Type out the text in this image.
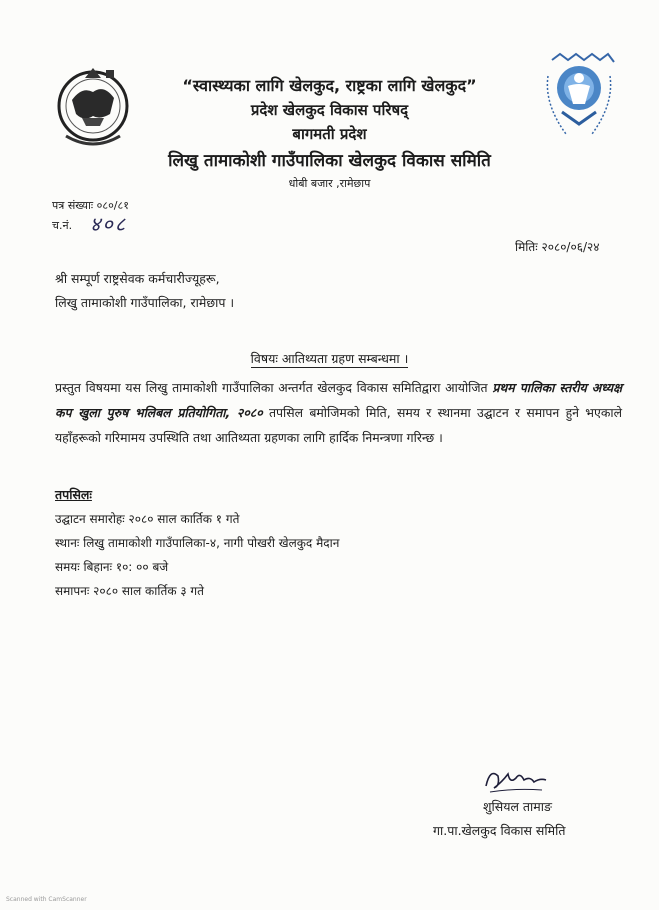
“स्वास्थ्यका लागि खेलकुद, राष्ट्रका लागि खेलकुद”
प्रदेश खेलकुद विकास परिषद्
बागमती प्रदेश
लिखु तामाकोशी गाउँपालिका खेलकुद विकास समिति
धोबी बजार ,रामेछाप
पत्र संख्याः ०८०/८१
च.नं. ४०८
मितिः २०८०/०६/२४
श्री सम्पूर्ण राष्ट्रसेवक कर्मचारीज्यूहरू,
लिखु तामाकोशी गाउँपालिका, रामेछाप ।
विषयः आतिथ्यता ग्रहण सम्बन्धमा ।
प्रस्तुत विषयमा यस लिखु तामाकोशी गाउँपालिका अन्तर्गत खेलकुद विकास समितिद्वारा आयोजित प्रथम पालिका स्तरीय अध्यक्ष कप खुला पुरुष भलिबल प्रतियोगिता, २०८० तपसिल बमोजिमको मिति, समय र स्थानमा उद्घाटन र समापन हुने भएकाले यहाँहरूको गरिमामय उपस्थिति तथा आतिथ्यता ग्रहणका लागि हार्दिक निमन्त्रणा गरिन्छ ।
तपसिलः
उद्घाटन समारोहः २०८० साल कार्तिक १ गते
स्थानः लिखु तामाकोशी गाउँपालिका-४, नागी पोखरी खेलकुद मैदान
समयः बिहानः १०: ०० बजे
समापनः २०८० साल कार्तिक ३ गते
शुसियल तामाङ
गा.पा.खेलकुद विकास समिति
Scanned with CamScanner
